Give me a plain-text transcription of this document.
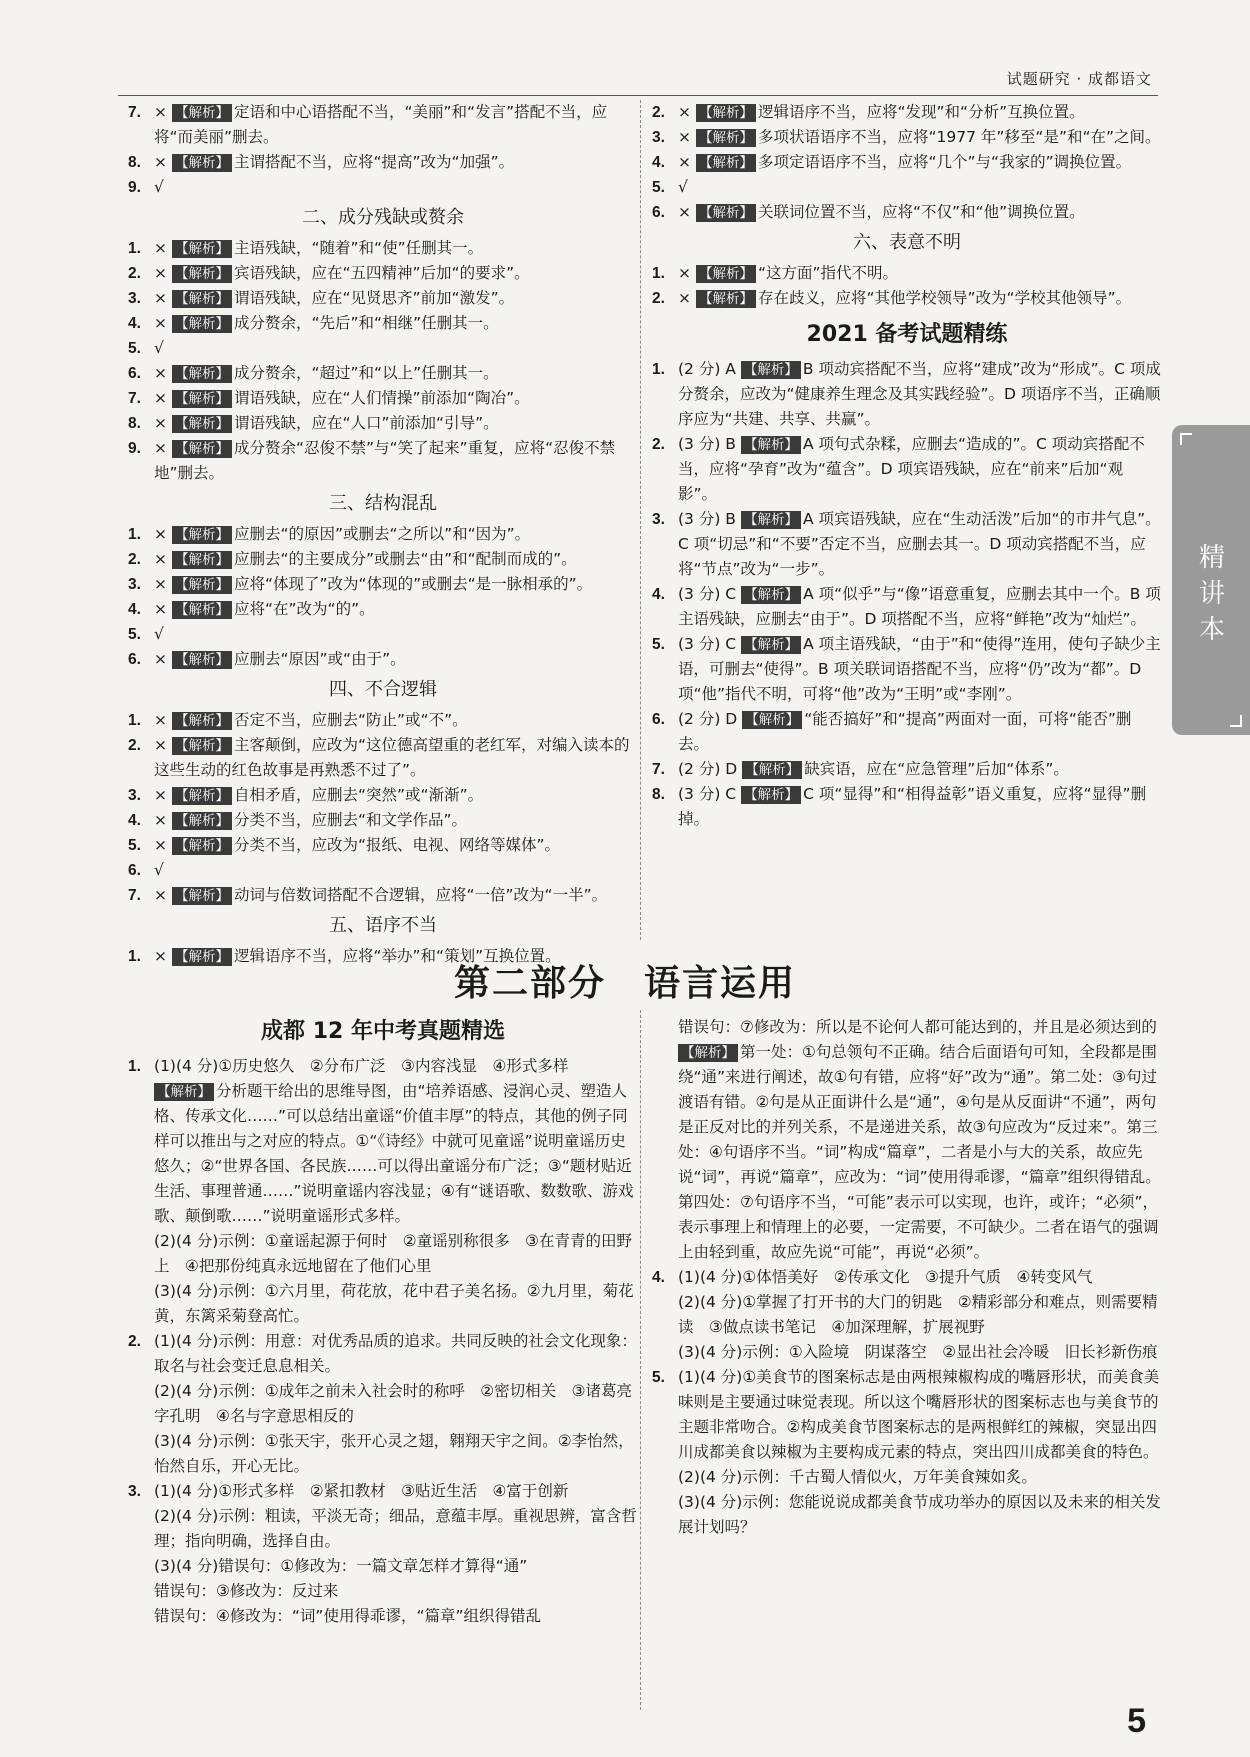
试题研究 · 成都语文
7. × 【解析】 定语和中心语搭配不当，“美丽”和“发言”搭配不当，应将“而美丽”删去。
8. × 【解析】 主谓搭配不当，应将“提高”改为“加强”。
9. √
二、成分残缺或赘余
1. × 【解析】 主语残缺，“随着”和“使”任删其一。
2. × 【解析】 宾语残缺，应在“五四精神”后加“的要求”。
3. × 【解析】 谓语残缺，应在“见贤思齐”前加“激发”。
4. × 【解析】 成分赘余，“先后”和“相继”任删其一。
5. √
6. × 【解析】 成分赘余，“超过”和“以上”任删其一。
7. × 【解析】 谓语残缺，应在“人们情操”前添加“陶冶”。
8. × 【解析】 谓语残缺，应在“人口”前添加“引导”。
9. × 【解析】 成分赘余“忍俊不禁”与“笑了起来”重复，应将“忍俊不禁地”删去。
三、结构混乱
1. × 【解析】 应删去“的原因”或删去“之所以”和“因为”。
2. × 【解析】 应删去“的主要成分”或删去“由”和“配制而成的”。
3. × 【解析】 应将“体现了”改为“体现的”或删去“是一脉相承的”。
4. × 【解析】 应将“在”改为“的”。
5. √
6. × 【解析】 应删去“原因”或“由于”。
四、不合逻辑
1. × 【解析】 否定不当，应删去“防止”或“不”。
2. × 【解析】 主客颠倒，应改为“这位德高望重的老红军，对编入读本的这些生动的红色故事是再熟悉不过了”。
3. × 【解析】 自相矛盾，应删去“突然”或“渐渐”。
4. × 【解析】 分类不当，应删去“和文学作品”。
5. × 【解析】 分类不当，应改为“报纸、电视、网络等媒体”。
6. √
7. × 【解析】 动词与倍数词搭配不合逻辑，应将“一倍”改为“一半”。
五、语序不当
1. × 【解析】 逻辑语序不当，应将“举办”和“策划”互换位置。
2. × 【解析】 逻辑语序不当，应将“发现”和“分析”互换位置。
3. × 【解析】 多项状语语序不当，应将“1977 年”移至“是”和“在”之间。
4. × 【解析】 多项定语语序不当，应将“几个”与“我家的”调换位置。
5. √
6. × 【解析】 关联词位置不当，应将“不仅”和“他”调换位置。
六、表意不明
1. × 【解析】 “这方面”指代不明。
2. × 【解析】 存在歧义，应将“其他学校领导”改为“学校其他领导”。
2021 备考试题精练
1. (2 分) A 【解析】 B 项动宾搭配不当，应将“建成”改为“形成”。C 项成分赘余，应改为“健康养生理念及其实践经验”。D 项语序不当，正确顺序应为“共建、共享、共赢”。
2. (3 分) B 【解析】 A 项句式杂糅，应删去“造成的”。C 项动宾搭配不当，应将“孕育”改为“蕴含”。D 项宾语残缺，应在“前来”后加“观影”。
3. (3 分) B 【解析】 A 项宾语残缺，应在“生动活泼”后加“的市井气息”。C 项“切忌”和“不要”否定不当，应删去其一。D 项动宾搭配不当，应将“节点”改为“一步”。
4. (3 分) C 【解析】 A 项“似乎”与“像”语意重复，应删去其中一个。B 项主语残缺，应删去“由于”。D 项搭配不当，应将“鲜艳”改为“灿烂”。
5. (3 分) C 【解析】 A 项主语残缺，“由于”和“使得”连用，使句子缺少主语，可删去“使得”。B 项关联词语搭配不当，应将“仍”改为“都”。D 项“他”指代不明，可将“他”改为“王明”或“李刚”。
6. (2 分) D 【解析】 “能否搞好”和“提高”两面对一面，可将“能否”删去。
7. (2 分) D 【解析】 缺宾语，应在“应急管理”后加“体系”。
8. (3 分) C 【解析】 C 项“显得”和“相得益彰”语义重复，应将“显得”删掉。
第二部分　语言运用
成都 12 年中考真题精选
1. (1)(4 分)①历史悠久　②分布广泛　③内容浅显　④形式多样
【解析】 分析题干给出的思维导图，由“培养语感、浸润心灵、塑造人格、传承文化……”可以总结出童谣“价值丰厚”的特点，其他的例子同样可以推出与之对应的特点。①“《诗经》中就可见童谣”说明童谣历史悠久；②“世界各国、各民族……可以得出童谣分布广泛；③“题材贴近生活、事理普通……”说明童谣内容浅显；④有“谜语歌、数数歌、游戏歌、颠倒歌……”说明童谣形式多样。
(2)(4 分)示例：①童谣起源于何时　②童谣别称很多　③在青青的田野上　④把那份纯真永远地留在了他们心里
(3)(4 分)示例：①六月里，荷花放，花中君子美名扬。②九月里，菊花黄，东篱采菊登高忙。
2. (1)(4 分)示例：用意：对优秀品质的追求。共同反映的社会文化现象：取名与社会变迁息息相关。
(2)(4 分)示例：①成年之前未入社会时的称呼　②密切相关　③诸葛亮字孔明　④名与字意思相反的
(3)(4 分)示例：①张天宇，张开心灵之翅，翱翔天宇之间。②李怡然，怡然自乐，开心无比。
3. (1)(4 分)①形式多样　②紧扣教材　③贴近生活　④富于创新
(2)(4 分)示例：粗读，平淡无奇；细品，意蕴丰厚。重视思辨，富含哲理；指向明确，选择自由。
(3)(4 分)错误句：①修改为：一篇文章怎样才算得“通”
错误句：③修改为：反过来
错误句：④修改为：“词”使用得乖谬，“篇章”组织得错乱
错误句：⑦修改为：所以是不论何人都可能达到的，并且是必须达到的
【解析】 第一处：①句总领句不正确。结合后面语句可知，全段都是围绕“通”来进行阐述，故①句有错，应将“好”改为“通”。第二处：③句过渡语有错。②句是从正面讲什么是“通”，④句是从反面讲“不通”，两句是正反对比的并列关系，不是递进关系，故③句应改为“反过来”。第三处：④句语序不当。“词”构成“篇章”，二者是小与大的关系，故应先说“词”，再说“篇章”，应改为：“词”使用得乖谬，“篇章”组织得错乱。第四处：⑦句语序不当，“可能”表示可以实现，也许，或许；“必须”，表示事理上和情理上的必要，一定需要，不可缺少。二者在语气的强调上由轻到重，故应先说“可能”，再说“必须”。
4. (1)(4 分)①体悟美好　②传承文化　③提升气质　④转变风气
(2)(4 分)①掌握了打开书的大门的钥匙　②精彩部分和难点，则需要精读　③做点读书笔记　④加深理解，扩展视野
(3)(4 分)示例：①入险境　阴谋落空　②显出社会冷暖　旧长衫新伤痕
5. (1)(4 分)①美食节的图案标志是由两根辣椒构成的嘴唇形状，而美食美味则是主要通过味觉表现。所以这个嘴唇形状的图案标志也与美食节的主题非常吻合。②构成美食节图案标志的是两根鲜红的辣椒，突显出四川成都美食以辣椒为主要构成元素的特点，突出四川成都美食的特色。
(2)(4 分)示例：千古蜀人情似火，万年美食辣如炙。
(3)(4 分)示例：您能说说成都美食节成功举办的原因以及未来的相关发展计划吗？
精讲本
5
